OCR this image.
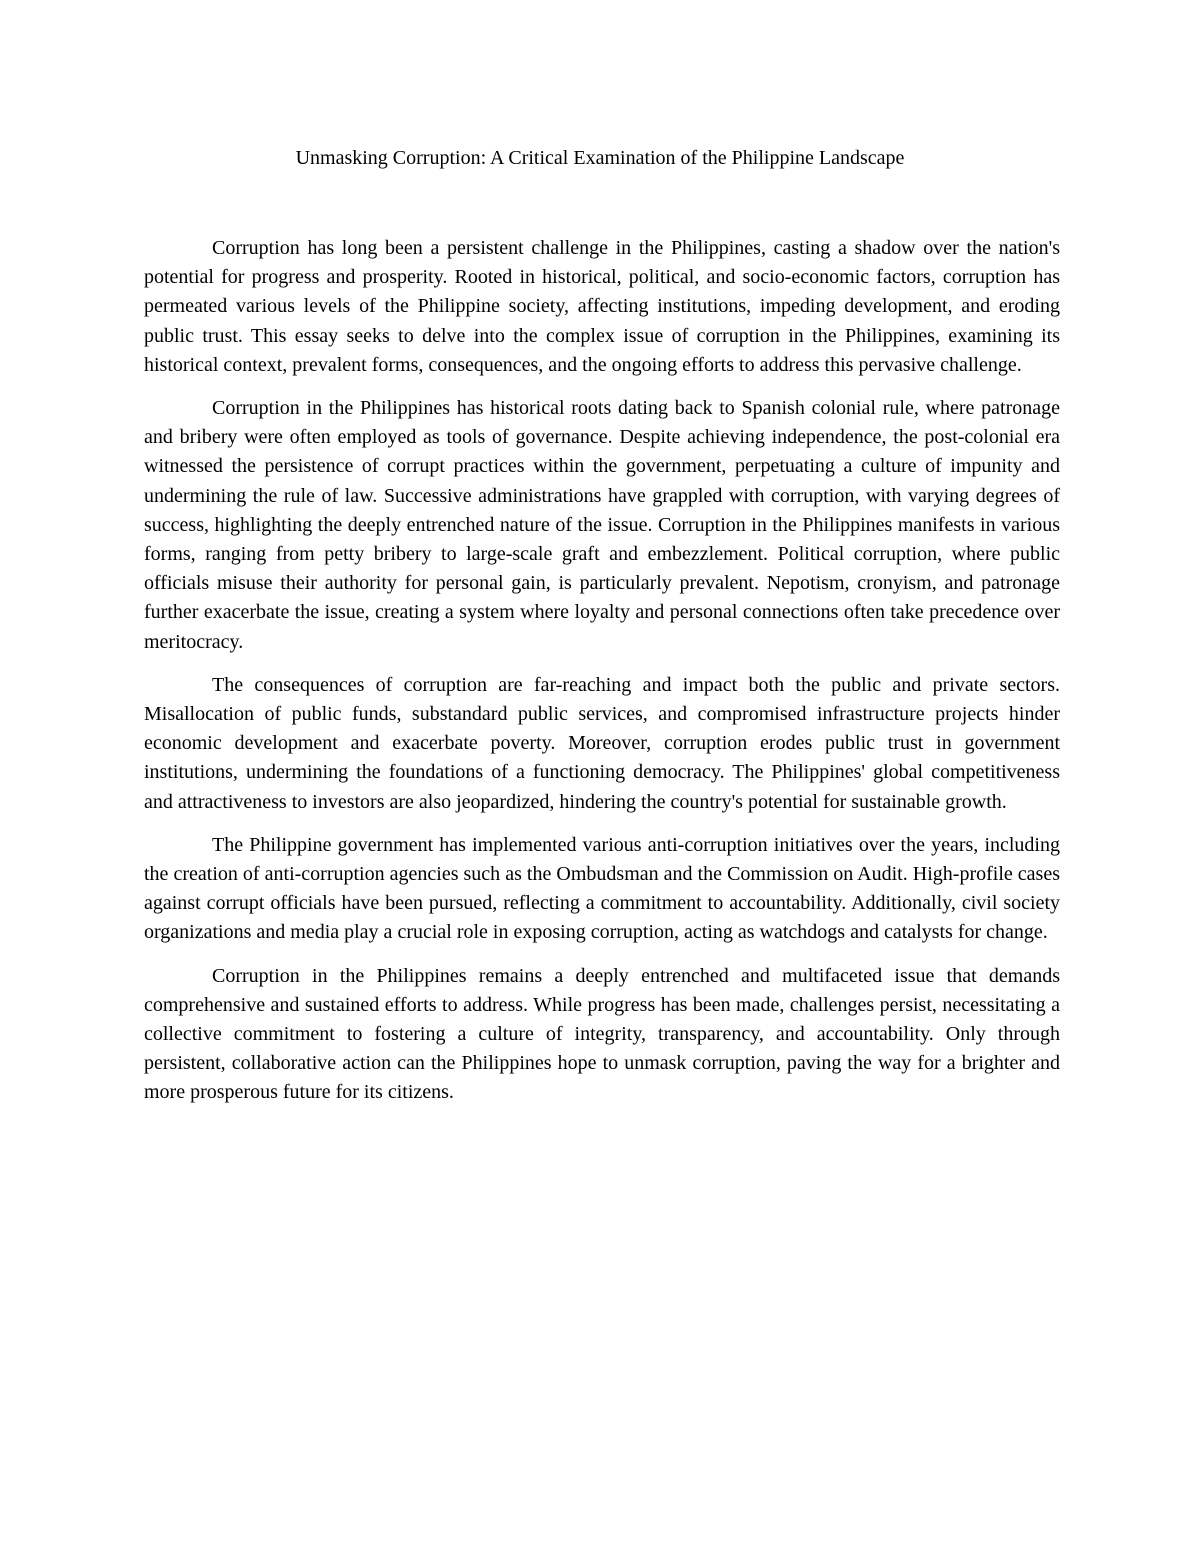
Unmasking Corruption: A Critical Examination of the Philippine Landscape

Corruption has long been a persistent challenge in the Philippines, casting a shadow over the nation's potential for progress and prosperity. Rooted in historical, political, and socio-economic factors, corruption has permeated various levels of the Philippine society, affecting institutions, impeding development, and eroding public trust. This essay seeks to delve into the complex issue of corruption in the Philippines, examining its historical context, prevalent forms, consequences, and the ongoing efforts to address this pervasive challenge.

Corruption in the Philippines has historical roots dating back to Spanish colonial rule, where patronage and bribery were often employed as tools of governance. Despite achieving independence, the post-colonial era witnessed the persistence of corrupt practices within the government, perpetuating a culture of impunity and undermining the rule of law. Successive administrations have grappled with corruption, with varying degrees of success, highlighting the deeply entrenched nature of the issue. Corruption in the Philippines manifests in various forms, ranging from petty bribery to large-scale graft and embezzlement. Political corruption, where public officials misuse their authority for personal gain, is particularly prevalent. Nepotism, cronyism, and patronage further exacerbate the issue, creating a system where loyalty and personal connections often take precedence over meritocracy.

The consequences of corruption are far-reaching and impact both the public and private sectors. Misallocation of public funds, substandard public services, and compromised infrastructure projects hinder economic development and exacerbate poverty. Moreover, corruption erodes public trust in government institutions, undermining the foundations of a functioning democracy. The Philippines' global competitiveness and attractiveness to investors are also jeopardized, hindering the country's potential for sustainable growth.

The Philippine government has implemented various anti-corruption initiatives over the years, including the creation of anti-corruption agencies such as the Ombudsman and the Commission on Audit. High-profile cases against corrupt officials have been pursued, reflecting a commitment to accountability. Additionally, civil society organizations and media play a crucial role in exposing corruption, acting as watchdogs and catalysts for change.

Corruption in the Philippines remains a deeply entrenched and multifaceted issue that demands comprehensive and sustained efforts to address. While progress has been made, challenges persist, necessitating a collective commitment to fostering a culture of integrity, transparency, and accountability. Only through persistent, collaborative action can the Philippines hope to unmask corruption, paving the way for a brighter and more prosperous future for its citizens.
